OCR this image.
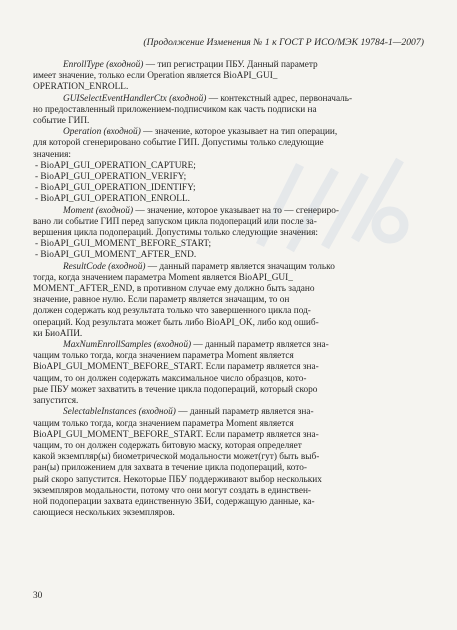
(Продолжение Изменения № 1 к ГОСТ Р ИСО/МЭК 19784-1—2007)

EnrollType (входной) — тип регистрации ПБУ. Данный параметр
имеет значение, только если Operation является BioAPI_GUI_
OPERATION_ENROLL.

GUISelectEventHandlerCtx (входной) — контекстный адрес, первоначаль-
но предоставленный приложением-подписчиком как часть подписки на
событие ГИП.

Operation (входной) — значение, которое указывает на тип операции,
для которой сгенерировано событие ГИП. Допустимы только следующие
значения:

- BioAPI_GUI_OPERATION_CAPTURE;

- BioAPI_GUI_OPERATION_VERIFY;

- BioAPI_GUI_OPERATION_IDENTIFY;

- BioAPI_GUI_OPERATION_ENROLL.

Moment (входной) — значение, которое указывает на то — сгенериро-
вано ли событие ГИП перед запуском цикла подопераций или после за-
вершения цикла подопераций. Допустимы только следующие значения:

- BioAPI_GUI_MOMENT_BEFORE_START;

- BioAPI_GUI_MOMENT_AFTER_END.

ResultCode (входной) — данный параметр является значащим только
тогда, когда значением параметра Moment является BioAPI_GUI_
MOMENT_AFTER_END, в противном случае ему должно быть задано
значение, равное нулю. Если параметр является значащим, то он
должен содержать код результата только что завершенного цикла под-
операций. Код результата может быть либо BioAPI_OK, либо код ошиб-
ки БиоАПИ.

MaxNumEnrollSamples (входной) — данный параметр является зна-
чащим только тогда, когда значением параметра Moment является
BioAPI_GUI_MOMENT_BEFORE_START. Если параметр является зна-
чащим, то он должен содержать максимальное число образцов, кото-
рые ПБУ может захватить в течение цикла подопераций, который скоро
запустится.

SelectableInstances (входной) — данный параметр является зна-
чащим только тогда, когда значением параметра Moment является
BioAPI_GUI_MOMENT_BEFORE_START. Если параметр является зна-
чащим, то он должен содержать битовую маску, которая определяет
какой экземпляр(ы) биометрической модальности может(гут) быть выб-
ран(ы) приложением для захвата в течение цикла подопераций, кото-
рый скоро запустится. Некоторые ПБУ поддерживают выбор нескольких
экземпляров модальности, потому что они могут создать в единствен-
ной подоперации захвата единственную ЗБИ, содержащую данные, ка-
сающиеся нескольких экземпляров.

30
